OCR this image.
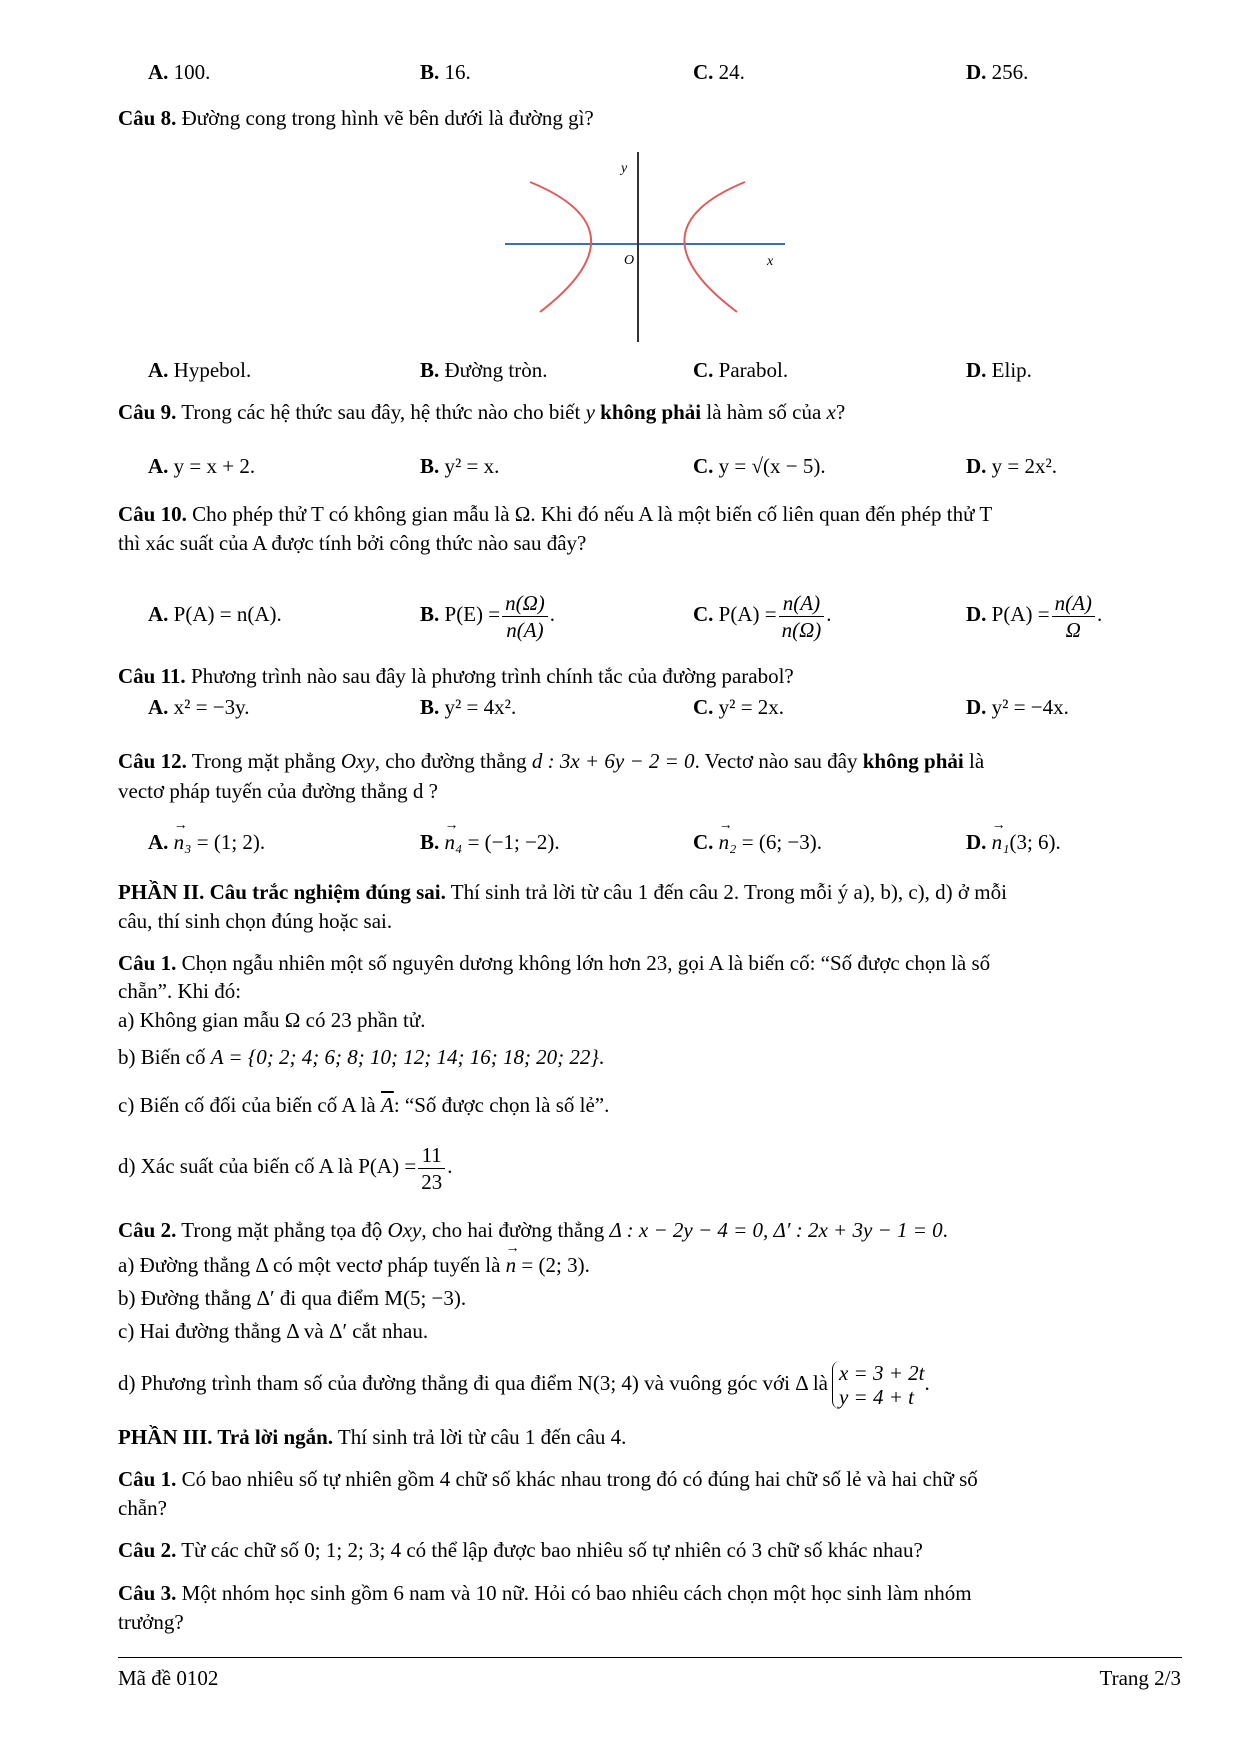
A. 100.	B. 16.	C. 24.	D. 256.
Câu 8. Đường cong trong hình vẽ bên dưới là đường gì?
y
x
O
A. Hypebol.	B. Đường tròn.	C. Parabol.	D. Elip.
Câu 9. Trong các hệ thức sau đây, hệ thức nào cho biết y không phải là hàm số của x?
A. y = x + 2.	B. y² = x.	C. y = √(x − 5).	D. y = 2x².
Câu 10. Cho phép thử T có không gian mẫu là Ω. Khi đó nếu A là một biến cố liên quan đến phép thử T
thì xác suất của A được tính bởi công thức nào sau đây?
A. P(A) = n(A).	B. $P(E) = \frac{n(\Omega)}{n(A)}$ .	C. $P(A) = \frac{n(A)}{n(\Omega)}$ .	D. $P(A) = \frac{n(A)}{\Omega}$ .
Câu 11. Phương trình nào sau đây là phương trình chính tắc của đường parabol?
A. x² = −3y.	B. y² = 4x².	C. y² = 2x.	D. y² = −4x.
Câu 12. Trong mặt phẳng Oxy, cho đường thẳng d : 3x + 6y − 2 = 0. Vectơ nào sau đây không phải là
vectơ pháp tuyến của đường thẳng d ?
A. → n₃ = (1; 2).	B. → n₄ = (−1; −2).	C. → n₂ = (6; −3).	D. → n₁(3; 6).
PHẦN II. Câu trắc nghiệm đúng sai. Thí sinh trả lời từ câu 1 đến câu 2. Trong mỗi ý a), b), c), d) ở mỗi
câu, thí sinh chọn đúng hoặc sai.
Câu 1. Chọn ngẫu nhiên một số nguyên dương không lớn hơn 23, gọi A là biến cố: “Số được chọn là số
chẵn”. Khi đó:
a) Không gian mẫu Ω có 23 phần tử.
b) Biến cố A = {0; 2; 4; 6; 8; 10; 12; 14; 16; 18; 20; 22}.
c) Biến cố đối của biến cố A là $\overline{A}$: “Số được chọn là số lẻ”.
d) Xác suất của biến cố A là $P(A) = \frac{11}{23}$ .
Câu 2. Trong mặt phẳng tọa độ Oxy, cho hai đường thẳng Δ : x − 2y − 4 = 0, Δ′ : 2x + 3y − 1 = 0.
a) Đường thẳng Δ có một vectơ pháp tuyến là → n = (2; 3).
b) Đường thẳng Δ′ đi qua điểm M(5; −3).
c) Hai đường thẳng Δ và Δ′ cắt nhau.
d) Phương trình tham số của đường thẳng đi qua điểm N(3; 4) và vuông góc với Δ là x = 3 + 2t
y = 4 + t
.
PHẦN III. Trả lời ngắn. Thí sinh trả lời từ câu 1 đến câu 4.
Câu 1. Có bao nhiêu số tự nhiên gồm 4 chữ số khác nhau trong đó có đúng hai chữ số lẻ và hai chữ số
chẵn?
Câu 2. Từ các chữ số 0; 1; 2; 3; 4 có thể lập được bao nhiêu số tự nhiên có 3 chữ số khác nhau?
Câu 3. Một nhóm học sinh gồm 6 nam và 10 nữ. Hỏi có bao nhiêu cách chọn một học sinh làm nhóm
trưởng?
Mã đề 0102	Trang 2/3
